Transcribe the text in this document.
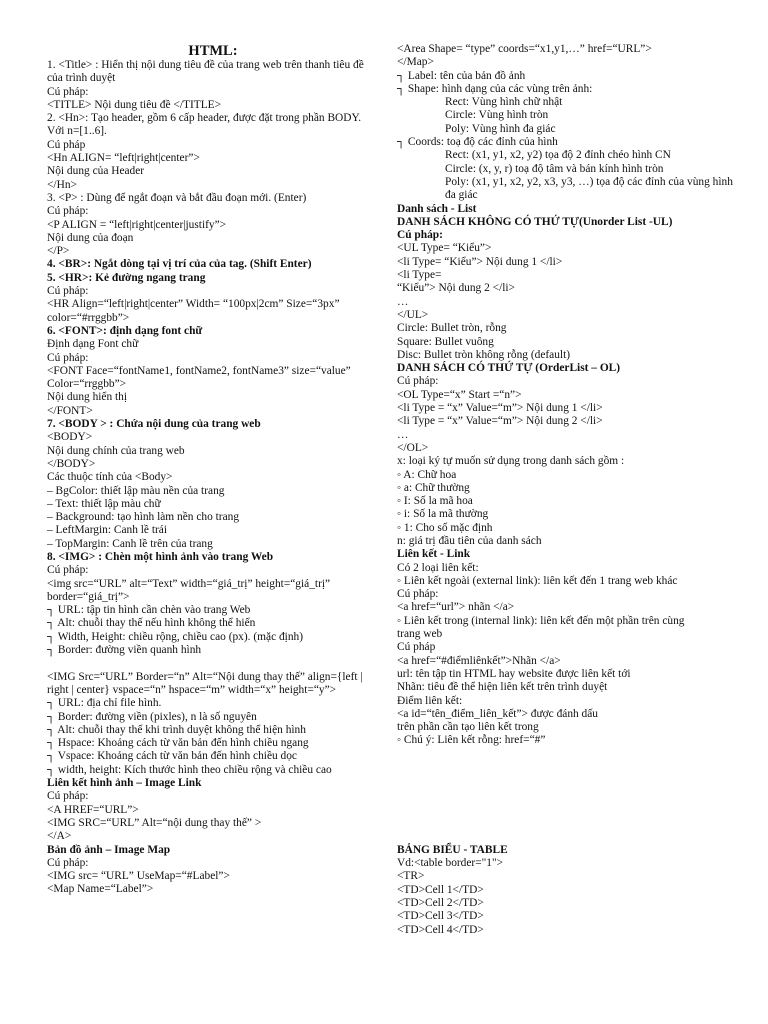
HTML:
1. <Title> : Hiển thị nội dung tiêu đề của trang web trên thanh tiêu đề của trình duyệt
Cú pháp:
<TITLE> Nội dung tiêu đề </TITLE>
2. <Hn>: Tạo header, gồm 6 cấp header, được đặt trong phần BODY. Với n=[1..6].
Cú pháp
<Hn ALIGN= “left|right|center”>
Nội dung của Header
</Hn>
3. <P> : Dùng để ngắt đoạn và bắt đầu đoạn mới. (Enter)
Cú pháp:
<P ALIGN = “left|right|center|justify”>
Nội dung của đoạn
</P>
4. <BR>: Ngắt dòng tại vị trí của của tag. (Shift Enter)
5. <HR>: Kẻ đường ngang trang
Cú pháp:
<HR Align=“left|right|center” Width= “100px|2cm” Size=“3px” color=“#rrggbb”>
6. <FONT>: định dạng font chữ
Định dạng Font chữ
Cú pháp:
<FONT Face=“fontName1, fontName2, fontName3” size=“value”
Color=“rrggbb”>
Nội dung hiển thị
</FONT>
7. <BODY > : Chứa nội dung của trang web
<BODY>
Nội dung chính của trang web
</BODY>
Các thuộc tính của <Body>
– BgColor: thiết lập màu nền của trang
– Text: thiết lập màu chữ
– Background: tạo hình làm nền cho trang
– LeftMargin: Canh lề trái
– TopMargin: Canh lề trên của trang
8. <IMG> : Chèn một hình ảnh vào trang Web
Cú pháp:
<img src=“URL” alt=“Text” width=“giá_trị” height=“giá_trị” border=“giá_trị”>
┐ URL: tập tin hình cần chèn vào trang Web
┐ Alt: chuỗi thay thế nếu hình không thể hiển
┐ Width, Height: chiều rộng, chiều cao (px). (mặc định)
┐ Border: đường viền quanh hình
<IMG Src=“URL” Border=“n” Alt=“Nội dung thay thế” align={left | right | center} vspace=“n” hspace=“m” width=“x” height=“y”>
┐ URL: địa chỉ file hình.
┐ Border: đường viền (pixles), n là số nguyên
┐ Alt: chuỗi thay thế khi trình duyệt không thể hiện hình
┐ Hspace: Khoảng cách từ văn bản đến hình chiều ngang
┐ Vspace: Khoảng cách từ văn bản đến hình chiều dọc
┐ width, height: Kích thước hình theo chiều rộng và chiều cao
Liên kết hình ảnh – Image Link
Cú pháp:
<A HREF=“URL”>
<IMG SRC=“URL” Alt=“nội dung thay thế” >
</A>
Bản đồ ảnh – Image Map
Cú pháp:
<IMG src= “URL” UseMap=“#Label”>
<Map Name=“Label”>
<Area Shape= “type” coords=“x1,y1,…” href=“URL”>
</Map>
┐ Label: tên của bản đồ ảnh
┐ Shape: hình dạng của các vùng trên ảnh:
Rect: Vùng hình chữ nhật
Circle: Vùng hình tròn
Poly: Vùng hình đa giác
┐ Coords: toạ độ các đỉnh của hình
Rect: (x1, y1, x2, y2) tọa độ 2 đỉnh chéo hình CN
Circle: (x, y, r) toạ độ tâm và bán kính hình tròn
Poly: (x1, y1, x2, y2, x3, y3, …) tọa độ các đỉnh của vùng hình đa giác
Danh sách - List
DANH SÁCH KHÔNG CÓ THỨ TỰ(Unorder List -UL)
Cú pháp:
<UL Type= “Kiểu”>
<li Type= “Kiểu”> Nội dung 1 </li>
<li Type=
“Kiểu”> Nội dung 2 </li>
…
</UL>
Circle: Bullet tròn, rỗng
Square: Bullet vuông
Disc: Bullet tròn không rỗng (default)
DANH SÁCH CÓ THỨ TỰ (OrderList – OL)
Cú pháp:
<OL Type=“x” Start =“n”>
<li Type = “x” Value=“m”> Nội dung 1 </li>
<li Type = “x” Value=“m”> Nội dung 2 </li>
…
</OL>
x: loại ký tự muốn sử dụng trong danh sách gồm :
◦ A: Chữ hoa
◦ a: Chữ thường
◦ I: Số la mã hoa
◦ i: Số la mã thường
◦ 1: Cho số mặc định
n: giá trị đầu tiên của danh sách
Liên kết - Link
Có 2 loại liên kết:
◦ Liên kết ngoài (external link): liên kết đến 1 trang web khác
Cú pháp:
<a href=“url”> nhãn </a>
◦ Liên kết trong (internal link): liên kết đến một phần trên cùng
trang web
Cú pháp
<a href=“#điểmliênkết”>Nhãn </a>
url: tên tập tin HTML hay website được liên kết tới
Nhãn: tiêu đề thể hiện liên kết trên trình duyệt
Điểm liên kết:
<a id=“tên_điểm_liên_kết”> được đánh dấu
trên phần cần tạo liên kết trong
◦ Chú ý: Liên kết rỗng: href=“#”
BẢNG BIỂU - TABLE
Vd:<table border="1">
<TR>
<TD>Cell 1</TD>
<TD>Cell 2</TD>
<TD>Cell 3</TD>
<TD>Cell 4</TD>
